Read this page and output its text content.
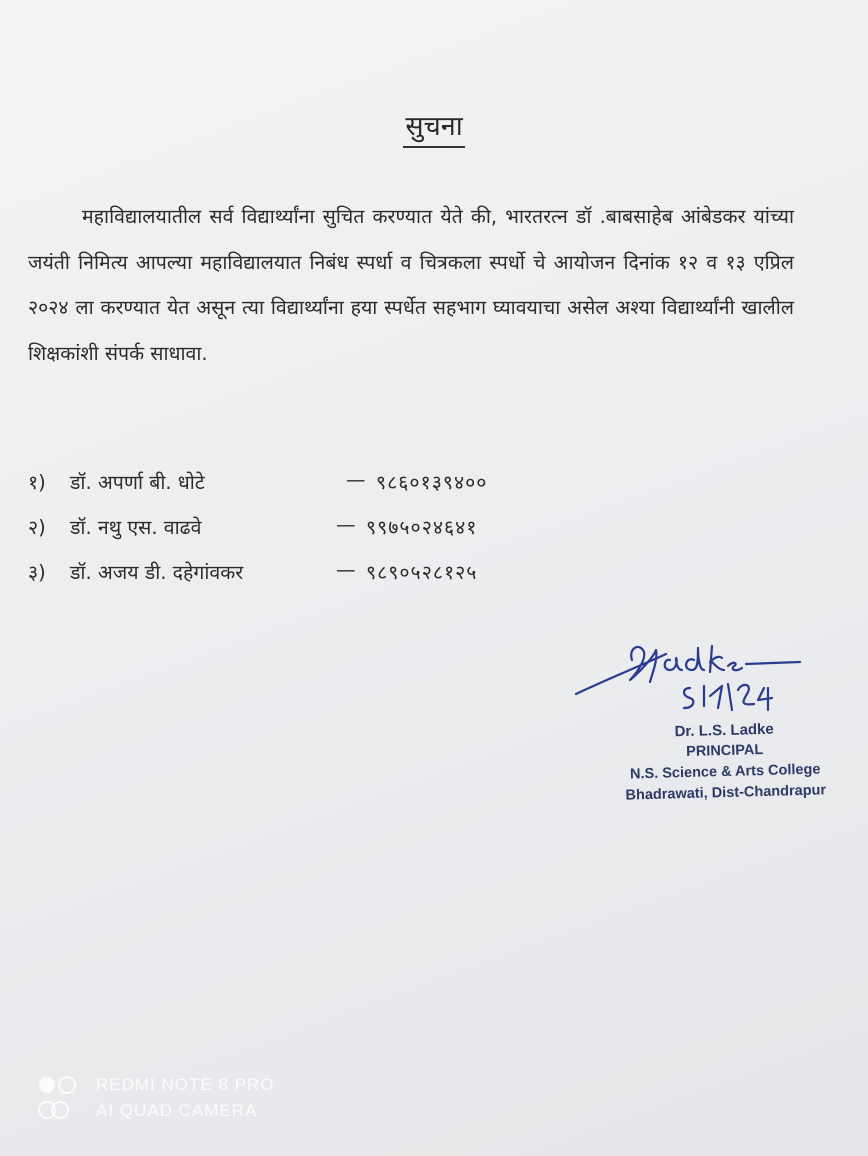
सुचना
महाविद्यालयातील सर्व विद्यार्थ्यांना सुचित करण्यात येते की, भारतरत्न डॉ .बाबसाहेब आंबेडकर यांच्या जयंती निमित्य आपल्या महाविद्यालयात निबंध स्पर्धा व चित्रकला स्पर्धो चे आयोजन दिनांक १२ व १३ एप्रिल २०२४ ला करण्यात येत असून त्या विद्यार्थ्यांना हया स्पर्धेत सहभाग घ्यावयाचा असेल अश्या विद्यार्थ्यांनी खालील शिक्षकांशी संपर्क साधावा.
१) डॉ. अपर्णा बी. धोटे	— ९८६०१३९४००
२) डॉ. नथु एस. वाढवे	— ९९७५०२४६४१
३) डॉ. अजय डी. दहेगांवकर	— ९८९०५२८१२५
Dr. L.S. Ladke
PRINCIPAL
N.S. Science & Arts College
Bhadrawati, Dist-Chandrapur
REDMI NOTE 8 PRO
AI QUAD CAMERA
